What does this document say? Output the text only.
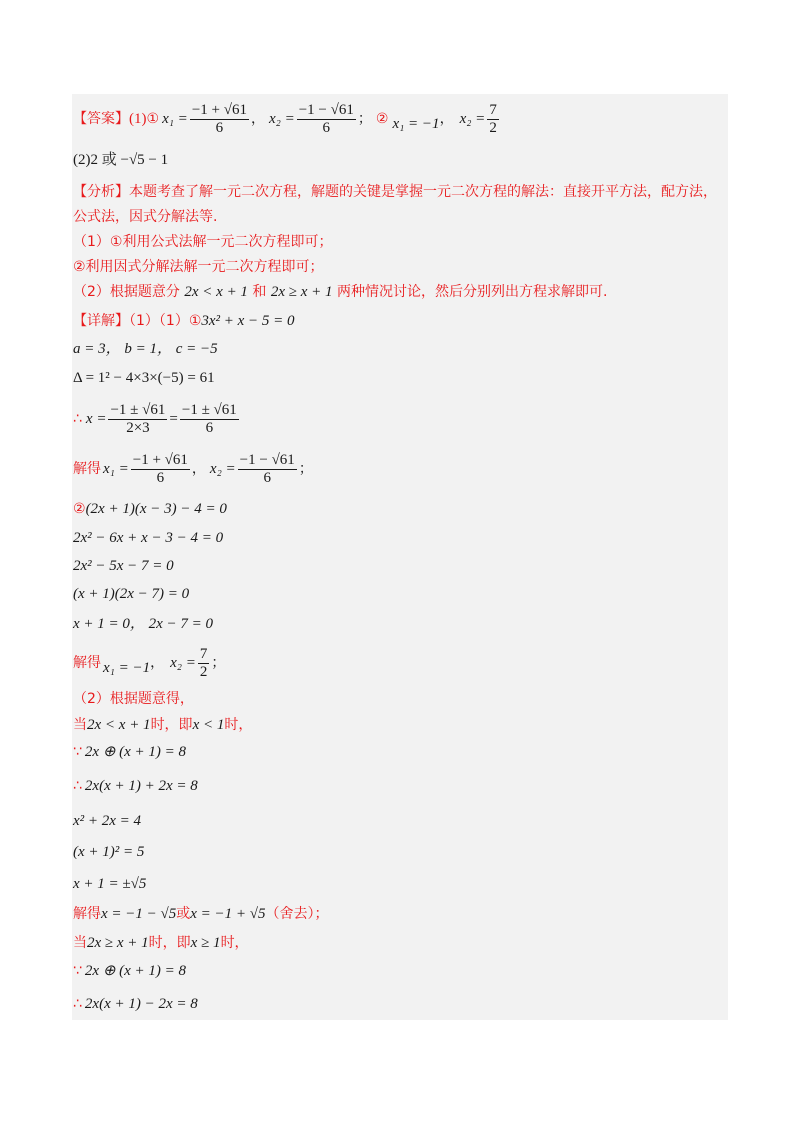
【答案】 (1) ① $x_1 = \frac{-1 + √61}{6}$ ， $x_2 = \frac{-1 - √61}{6}$ ； ② x₁ = −1 ， $x_2 = \frac{7}{2}$
(2)2 或 −√5 − 1
【分析】本题考查了解一元二次方程，解题的关键是掌握一元二次方程的解法：直接开平方法，配方法，
公式法，因式分解法等.
（1）①利用公式法解一元二次方程即可；
②利用因式分解法解一元二次方程即可；
（2）根据题意分 2x < x + 1 和 2x ≥ x + 1 两种情况讨论，然后分别列出方程求解即可.
【详解】（1）（1）①3x² + x − 5 = 0
a = 3， b = 1， c = −5
Δ = 1² − 4×3×(−5) = 61
∴ $x = \frac{-1 \pm √61}{2\times 3} = \frac{-1 \pm √61}{6}$
解得 $x_1 = \frac{-1 + √61}{6}$ ， $x_2 = \frac{-1 - √61}{6}$ ；
②(2x + 1)(x − 3) − 4 = 0
2x² − 6x + x − 3 − 4 = 0
2x² − 5x − 7 = 0
(x + 1)(2x − 7) = 0
x + 1 = 0， 2x − 7 = 0
解得 x₁ = −1 ， $x_2 = \frac{7}{2}$ ；
（2）根据题意得，
当2x < x + 1时，即x < 1时，
∵ 2x ⊕ (x + 1) = 8
∴ 2x(x + 1) + 2x = 8
x² + 2x = 4
(x + 1)² = 5
x + 1 = ±√5
解得x = −1 − √5或x = −1 + √5（舍去）；
当2x ≥ x + 1时，即x ≥ 1时，
∵ 2x ⊕ (x + 1) = 8
∴ 2x(x + 1) − 2x = 8
